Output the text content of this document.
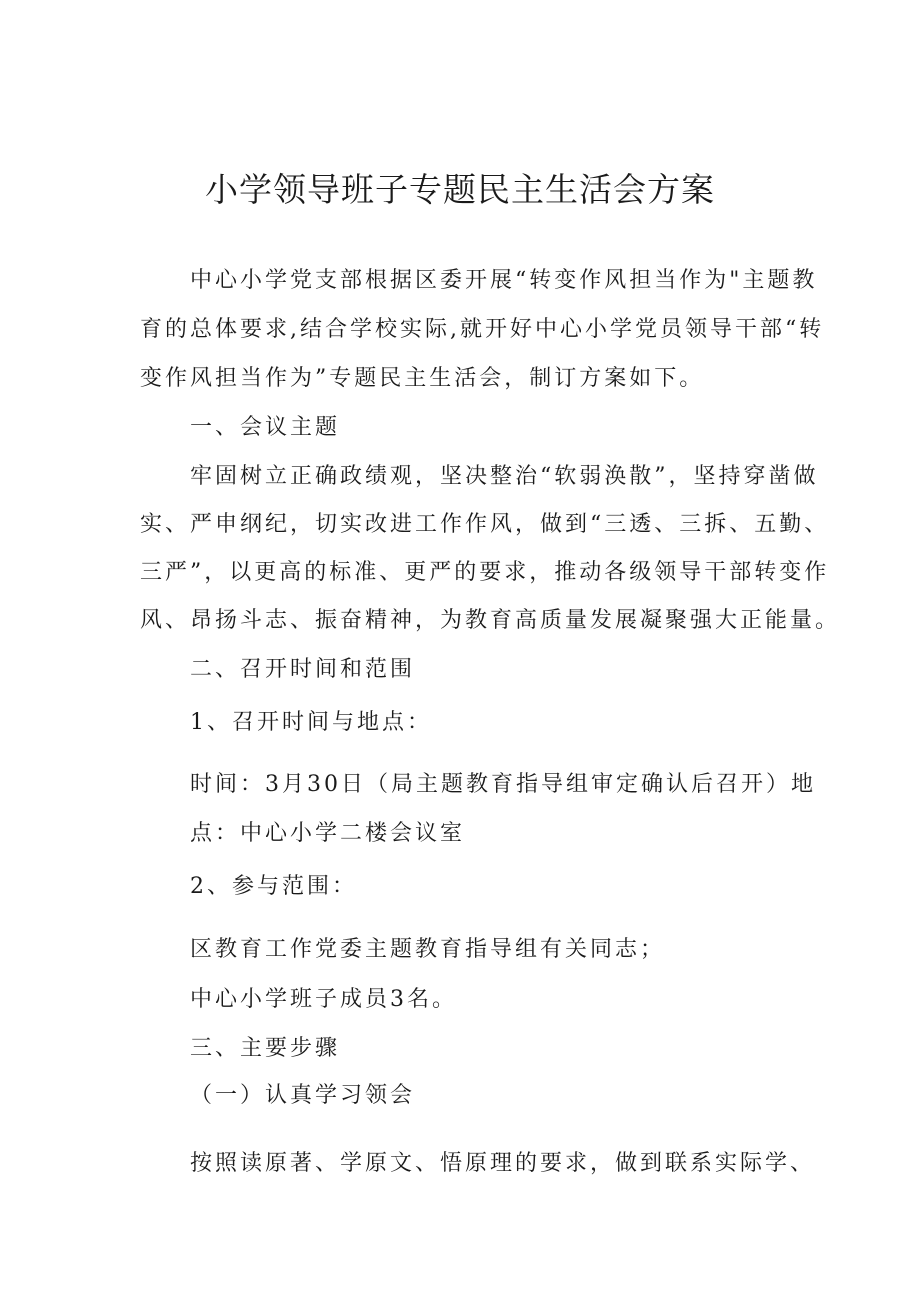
小学领导班子专题民主生活会方案

中心小学党支部根据区委开展“转变作风担当作为"主题教

育的总体要求,结合学校实际,就开好中心小学党员领导干部“转

变作风担当作为”专题民主生活会，制订方案如下。

一、会议主题

牢固树立正确政绩观，坚决整治“软弱涣散”，坚持穿凿做

实、严申纲纪，切实改进工作作风，做到“三透、三拆、五勤、

三严”，以更高的标准、更严的要求，推动各级领导干部转变作

风、昂扬斗志、振奋精神，为教育高质量发展凝聚强大正能量。

二、召开时间和范围

1、召开时间与地点：

时间：3月30日（局主题教育指导组审定确认后召开）地

点：中心小学二楼会议室

2、参与范围：

区教育工作党委主题教育指导组有关同志；

中心小学班子成员3名。

三、主要步骤

（一）认真学习领会

按照读原著、学原文、悟原理的要求，做到联系实际学、
